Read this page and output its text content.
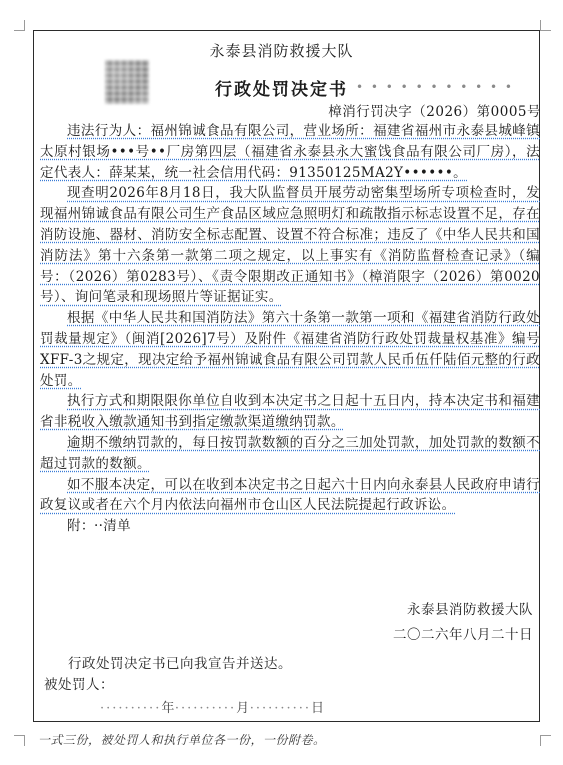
永泰县消防救援大队
行政处罚决定书 • • • • • • • • • • •
樟消行罚决字（2026）第0005号

违法行为人：福州锦诚食品有限公司，营业场所：福建省福州市永泰县城峰镇太原村银场•••号••厂房第四层（福建省永泰县永大蜜饯食品有限公司厂房），法定代表人：薛某某，统一社会信用代码：91350125MA2Y••••••。

现查明2026年8月18日，我大队监督员开展劳动密集型场所专项检查时，发现福州锦诚食品有限公司生产食品区域应急照明灯和疏散指示标志设置不足，存在消防设施、器材、消防安全标志配置、设置不符合标准；违反了《中华人民共和国消防法》第十六条第一款第二项之规定，以上事实有《消防监督检查记录》（编号：（2026）第0283号）、《责令限期改正通知书》（樟消限字（2026）第0020号）、询问笔录和现场照片等证据证实。

根据《中华人民共和国消防法》第六十条第一款第一项和《福建省消防行政处罚裁量规定》（闽消[2026]7号）及附件《福建省消防行政处罚裁量权基准》编号XFF-3之规定，现决定给予福州锦诚食品有限公司罚款人民币伍仟陆佰元整的行政处罚。

执行方式和期限限你单位自收到本决定书之日起十五日内，持本决定书和福建省非税收入缴款通知书到指定缴款渠道缴纳罚款。

逾期不缴纳罚款的，每日按罚款数额的百分之三加处罚款，加处罚款的数额不超过罚款的数额。

如不服本决定，可以在收到本决定书之日起六十日内向永泰县人民政府申请行政复议或者在六个月内依法向福州市仓山区人民法院提起行政诉讼。

附： ··清单

永泰县消防救援大队
二〇二六年八月二十日
行政处罚决定书已向我宣告并送达。
被处罚人：
··········年··········月··········日
一式三份，被处罚人和执行单位各一份，一份附卷。
